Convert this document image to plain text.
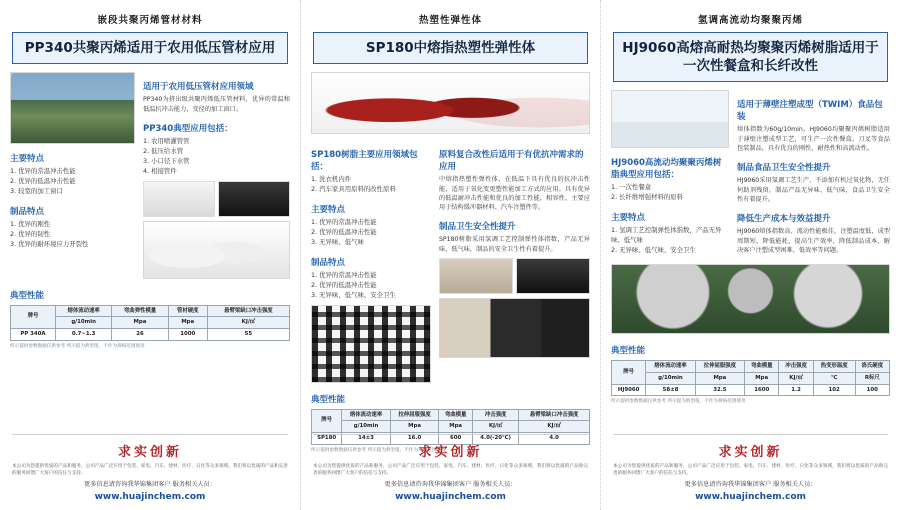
嵌段共聚丙烯管材材料
PP340共聚丙烯适用于农用低压管材应用
主要特点
优异的常温冲击性能
优异的低温冲击性能
较宽的加工窗口
制品特点
优异的刚性
优异的韧性
优异的耐环境应力开裂性
适用于农用低压管材应用领域

PP340为挤出级共聚丙烯低压管材料，优异的常温和低温抗冲击能力，变径的加工窗口。

PP340典型应用包括：
农用喷灌管管
低压给水管
小口径下水管
相接管件
典型性能
牌号	熔体流动速率	弯曲弹性模量	管材硬度	悬臂梁缺口冲击强度
	g/10min	Mpa	Mpa	KJ/㎡
PP 340A	0.7~1.3	26	1000	55
所示提供参数数据仅供参考 所示提为典型值，不作为规格范围使用
求实创新
本公司为您提供优质的产品和服务，公司产品广泛应用于包装、家电、汽车、建材、医疗、日化等众多领域，我们将以优质的产品和完善的服务回馈广大客户的信任与支持。
更多信息请咨询我华锦集团客户 服务相关人员：
www.huajinchem.com
热塑性弹性体
SP180中熔指热塑性弹性体
SP180树脂主要应用领域包括：
洗衣机内件
汽车家具用原料的改性原料
主要特点
优异的常温冲击性能
优异的低温冲击性能
无异味、低气味
制品特点
优异的常温冲击性能
优异的低温冲击性能
无异味、低气味、安全卫生
原料复合改性后适用于有优抗冲需求的应用

中熔指热塑性弹性体，在低温下具有优良的抗冲击性能，适用于氧化变更塑性能加工方式的应用。具有优异的低温耐冲击性能和优良的加工性能，相容性、主要应用于结构缓冲器材料、汽车注塑件等。

制品卫生安全性提升

SP180树脂采用氢调工艺控制弹性体指数，产品无异味、低气味，制品的安全卫生性有着提升。

典型性能
牌号	熔体流动速率	拉伸屈服强度	弯曲模量	冲击强度	悬臂梁缺口冲击强度
	g/10min	Mpa	Mpa	KJ/㎡	KJ/㎡
SP180	14±3	16.0	600	4.0(-20℃)	4.0
所示提供参数数据仅供参考 所示提为典型值，不作为规格范围使用
求实创新
本公司为您提供优质的产品和服务，公司产品广泛应用于包装、家电、汽车、建材、医疗、日化等众多领域，我们将以优质的产品和完善的服务回馈广大客户的信任与支持。
更多信息请咨询我华锦集团客户 服务相关人员：
www.huajinchem.com
氢调高流动均聚聚丙烯
HJ9060高熔高耐热均聚聚丙烯树脂适用于一次性餐盒和长纤改性
HJ9060高流动均聚聚丙烯树脂典型应用包括：
一次性餐盒
长纤维增强材料的原料
主要特点
氢调工艺控制弹性体指数，产品无异味、低气味
无异味、低气味、安全卫生
适用于薄壁注塑成型（TWIM）食品包装

熔体指数为60g/10min，HJ9060均聚聚丙烯树脂适用于薄壁注塑成型工艺，可生产一次性餐盒、刀叉等食品包装制品，具有优良的刚性、耐热性和高流动性。

制品食品卫生安全性提升

HJ9060采用氢调工艺生产，不添加有机过氧化物，无任何助剂残留，制品产品无异味、低气味，食品卫生安全性有着提升。

降低生产成本与效益提升

HJ9060熔体指数高、流动性能极佳，注塑温度低，成型周期短，降低能耗，提高生产效率，降低制品成本，解决客户注塑成型困难、低效率等问题。

典型性能
牌号	熔体流动速率	拉伸屈服强度	弯曲模量	冲击强度	热变形温度	洛氏硬度
	g/10min	Mpa	Mpa	KJ/㎡	℃	R标尺
HJ9060	58±8	32.5	1600	1.2	102	100
所示提供参数数据仅供参考 所示提为典型值，不作为规格范围使用
求实创新
本公司为您提供优质的产品和服务，公司产品广泛应用于包装、家电、汽车、建材、医疗、日化等众多领域，我们将以优质的产品和完善的服务回馈广大客户的信任与支持。
更多信息请咨询我华锦集团客户 服务相关人员：
www.huajinchem.com
